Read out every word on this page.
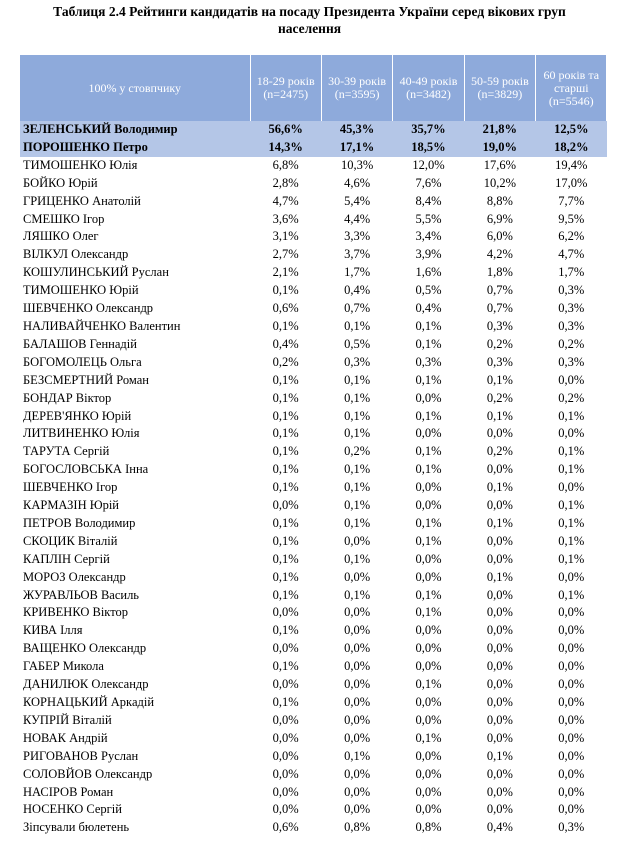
Таблиця 2.4 Рейтинги кандидатів на посаду Президента України серед вікових груп
населення
100% у стовпчику	18-29 років (n=2475)	30-39 років (n=3595)	40-49 років (n=3482)	50-59 років (n=3829)	60 років та старші (n=5546)
ЗЕЛЕНСЬКИЙ Володимир	56,6%	45,3%	35,7%	21,8%	12,5%
ПОРОШЕНКО Петро	14,3%	17,1%	18,5%	19,0%	18,2%
ТИМОШЕНКО Юлія	6,8%	10,3%	12,0%	17,6%	19,4%
БОЙКО Юрій	2,8%	4,6%	7,6%	10,2%	17,0%
ГРИЦЕНКО Анатолій	4,7%	5,4%	8,4%	8,8%	7,7%
СМЕШКО Ігор	3,6%	4,4%	5,5%	6,9%	9,5%
ЛЯШКО Олег	3,1%	3,3%	3,4%	6,0%	6,2%
ВІЛКУЛ Олександр	2,7%	3,7%	3,9%	4,2%	4,7%
КОШУЛИНСЬКИЙ Руслан	2,1%	1,7%	1,6%	1,8%	1,7%
ТИМОШЕНКО Юрій	0,1%	0,4%	0,5%	0,7%	0,3%
ШЕВЧЕНКО Олександр	0,6%	0,7%	0,4%	0,7%	0,3%
НАЛИВАЙЧЕНКО Валентин	0,1%	0,1%	0,1%	0,3%	0,3%
БАЛАШОВ Геннадій	0,4%	0,5%	0,1%	0,2%	0,2%
БОГОМОЛЕЦЬ Ольга	0,2%	0,3%	0,3%	0,3%	0,3%
БЕЗСМЕРТНИЙ Роман	0,1%	0,1%	0,1%	0,1%	0,0%
БОНДАР Віктор	0,1%	0,1%	0,0%	0,2%	0,2%
ДЕРЕВ'ЯНКО Юрій	0,1%	0,1%	0,1%	0,1%	0,1%
ЛИТВИНЕНКО Юлія	0,1%	0,1%	0,0%	0,0%	0,0%
ТАРУТА Сергій	0,1%	0,2%	0,1%	0,2%	0,1%
БОГОСЛОВСЬКА Інна	0,1%	0,1%	0,1%	0,0%	0,1%
ШЕВЧЕНКО Ігор	0,1%	0,1%	0,0%	0,1%	0,0%
КАРМАЗІН Юрій	0,0%	0,1%	0,0%	0,0%	0,1%
ПЕТРОВ Володимир	0,1%	0,1%	0,1%	0,1%	0,1%
СКОЦИК Віталій	0,1%	0,0%	0,1%	0,0%	0,1%
КАПЛІН Сергій	0,1%	0,1%	0,0%	0,0%	0,1%
МОРОЗ Олександр	0,1%	0,0%	0,0%	0,1%	0,0%
ЖУРАВЛЬОВ Василь	0,1%	0,1%	0,1%	0,0%	0,1%
КРИВЕНКО Віктор	0,0%	0,0%	0,1%	0,0%	0,0%
КИВА Ілля	0,1%	0,0%	0,0%	0,0%	0,0%
ВАЩЕНКО Олександр	0,0%	0,0%	0,0%	0,0%	0,0%
ГАБЕР Микола	0,1%	0,0%	0,0%	0,0%	0,0%
ДАНИЛЮК Олександр	0,0%	0,0%	0,1%	0,0%	0,0%
КОРНАЦЬКИЙ Аркадій	0,1%	0,0%	0,0%	0,0%	0,0%
КУПРІЙ Віталій	0,0%	0,0%	0,0%	0,0%	0,0%
НОВАК Андрій	0,0%	0,0%	0,1%	0,0%	0,0%
РИГОВАНОВ Руслан	0,0%	0,1%	0,0%	0,1%	0,0%
СОЛОВЙОВ Олександр	0,0%	0,0%	0,0%	0,0%	0,0%
НАСІРОВ Роман	0,0%	0,0%	0,0%	0,0%	0,0%
НОСЕНКО Сергій	0,0%	0,0%	0,0%	0,0%	0,0%
Зіпсували бюлетень	0,6%	0,8%	0,8%	0,4%	0,3%
